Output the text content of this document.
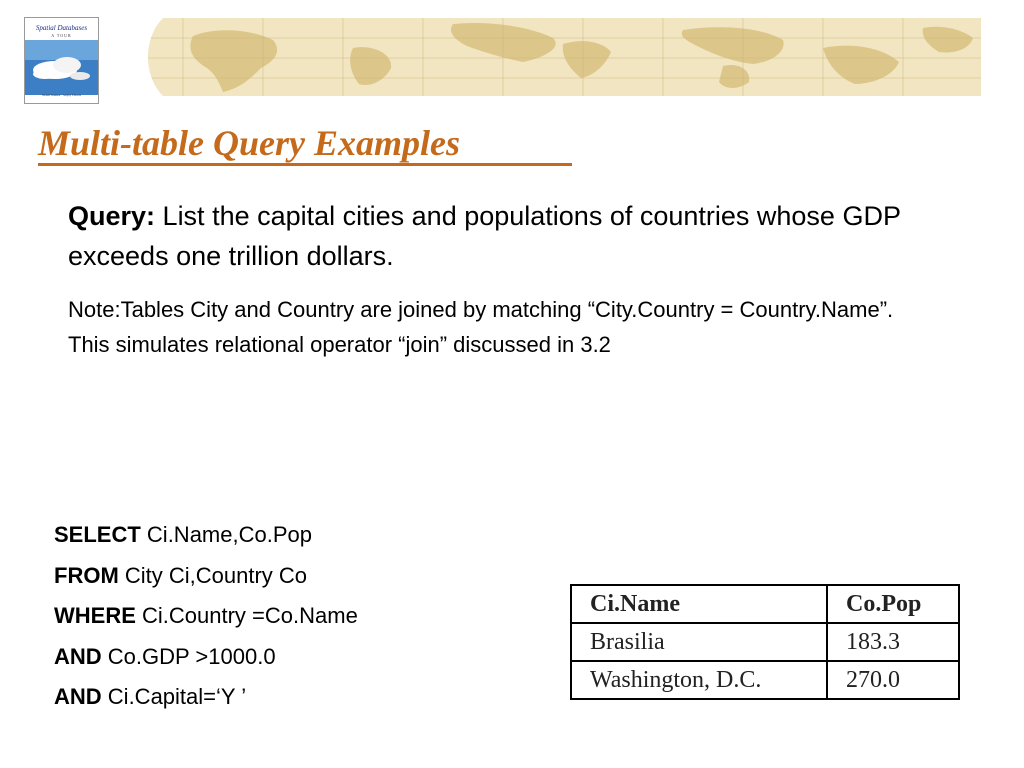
Spatial Databases
A TOUR
Shashi Shekhar · Sanjay Chawla
Multi-table Query Examples

Query: List the capital cities and populations of countries whose GDP exceeds one trillion dollars.

Note:Tables City and Country are joined by matching “City.Country = Country.Name”. This simulates relational operator “join” discussed in 3.2

SELECT Ci.Name,Co.Pop
FROM City Ci,Country Co
WHERE Ci.Country =Co.Name
AND Co.GDP >1000.0
AND Ci.Capital=‘Y ’
Ci.Name	Co.Pop
Brasilia	183.3
Washington, D.C.	270.0
